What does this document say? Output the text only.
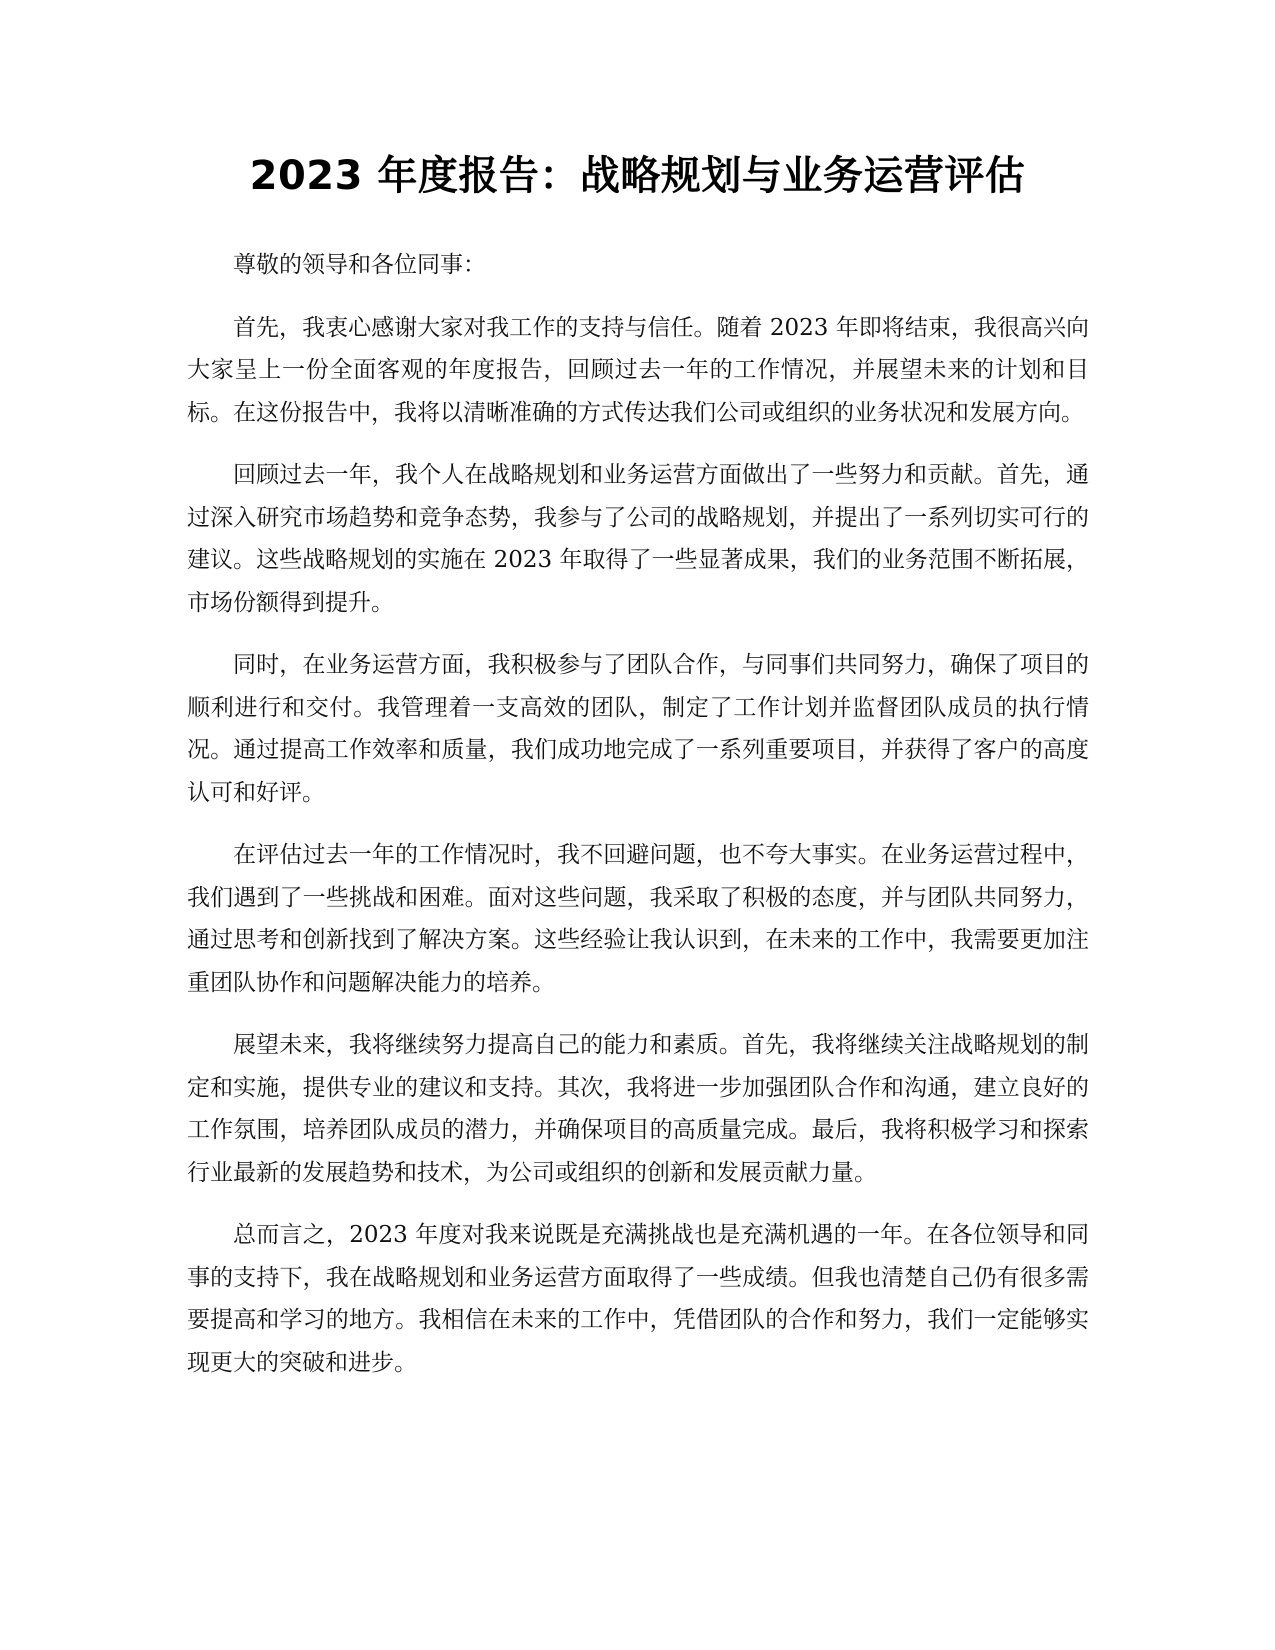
2023 年度报告：战略规划与业务运营评估

尊敬的领导和各位同事：

首先，我衷心感谢大家对我工作的支持与信任。随着 2023 年即将结束，我很高兴向大家呈上一份全面客观的年度报告，回顾过去一年的工作情况，并展望未来的计划和目标。在这份报告中，我将以清晰准确的方式传达我们公司或组织的业务状况和发展方向。

回顾过去一年，我个人在战略规划和业务运营方面做出了一些努力和贡献。首先，通过深入研究市场趋势和竞争态势，我参与了公司的战略规划，并提出了一系列切实可行的建议。这些战略规划的实施在 2023 年取得了一些显著成果，我们的业务范围不断拓展，市场份额得到提升。

同时，在业务运营方面，我积极参与了团队合作，与同事们共同努力，确保了项目的顺利进行和交付。我管理着一支高效的团队，制定了工作计划并监督团队成员的执行情况。通过提高工作效率和质量，我们成功地完成了一系列重要项目，并获得了客户的高度认可和好评。

在评估过去一年的工作情况时，我不回避问题，也不夸大事实。在业务运营过程中，我们遇到了一些挑战和困难。面对这些问题，我采取了积极的态度，并与团队共同努力，通过思考和创新找到了解决方案。这些经验让我认识到，在未来的工作中，我需要更加注重团队协作和问题解决能力的培养。

展望未来，我将继续努力提高自己的能力和素质。首先，我将继续关注战略规划的制定和实施，提供专业的建议和支持。其次，我将进一步加强团队合作和沟通，建立良好的工作氛围，培养团队成员的潜力，并确保项目的高质量完成。最后，我将积极学习和探索行业最新的发展趋势和技术，为公司或组织的创新和发展贡献力量。

总而言之，2023 年度对我来说既是充满挑战也是充满机遇的一年。在各位领导和同事的支持下，我在战略规划和业务运营方面取得了一些成绩。但我也清楚自己仍有很多需要提高和学习的地方。我相信在未来的工作中，凭借团队的合作和努力，我们一定能够实现更大的突破和进步。
